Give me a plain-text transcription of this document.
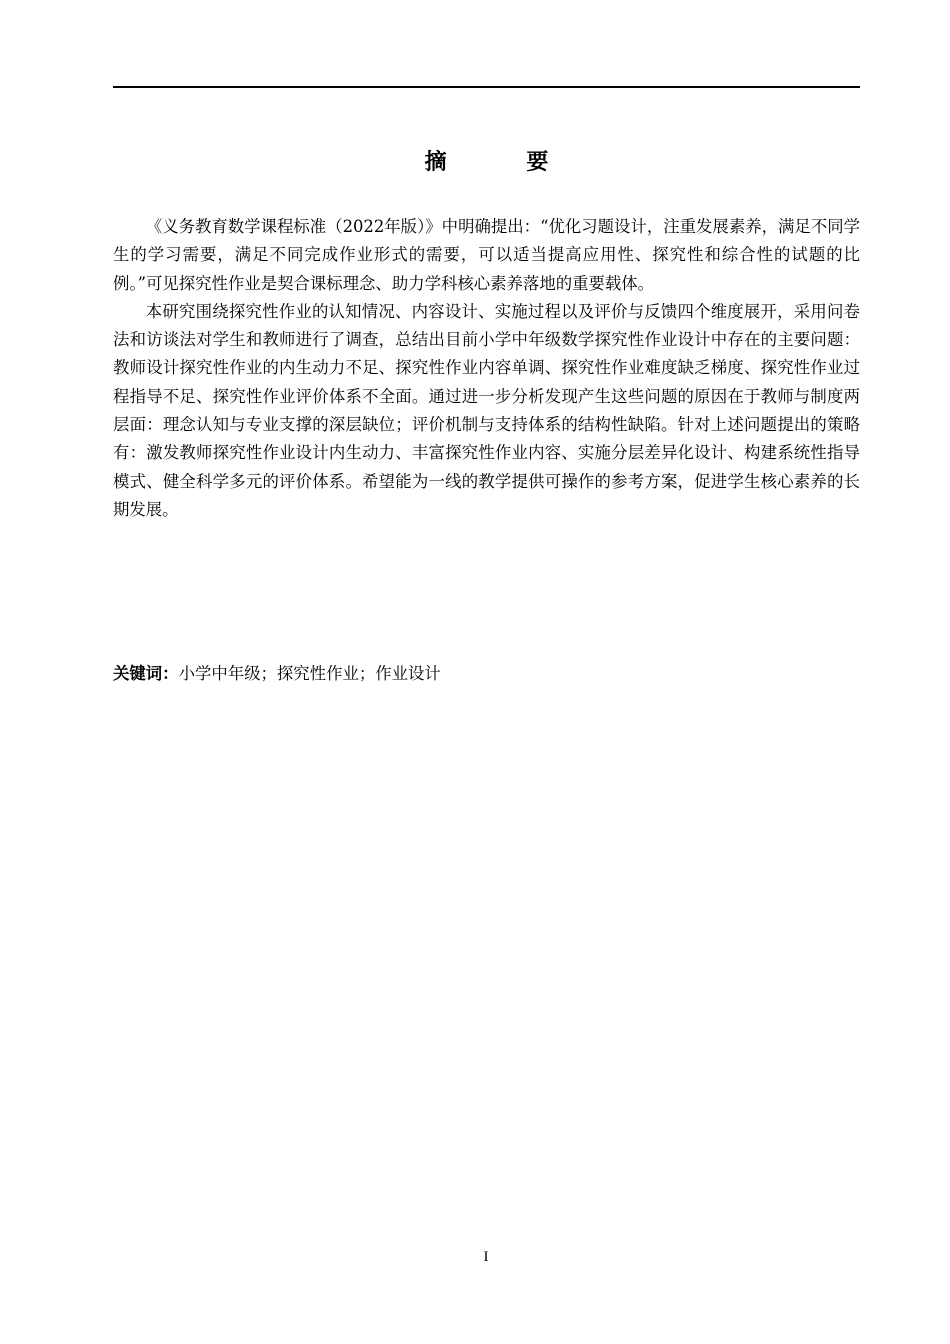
摘 要

《义务教育数学课程标准（2022年版）》中明确提出：“优化习题设计，注重发展素养，满足不同学生的学习需要，满足不同完成作业形式的需要，可以适当提高应用性、探究性和综合性的试题的比例。”可见探究性作业是契合课标理念、助力学科核心素养落地的重要载体。

本研究围绕探究性作业的认知情况、内容设计、实施过程以及评价与反馈四个维度展开，采用问卷法和访谈法对学生和教师进行了调查，总结出目前小学中年级数学探究性作业设计中存在的主要问题：教师设计探究性作业的内生动力不足、探究性作业内容单调、探究性作业难度缺乏梯度、探究性作业过程指导不足、探究性作业评价体系不全面。通过进一步分析发现产生这些问题的原因在于教师与制度两层面：理念认知与专业支撑的深层缺位；评价机制与支持体系的结构性缺陷。针对上述问题提出的策略有：激发教师探究性作业设计内生动力、丰富探究性作业内容、实施分层差异化设计、构建系统性指导模式、健全科学多元的评价体系。希望能为一线的教学提供可操作的参考方案，促进学生核心素养的长期发展。

关键词：小学中年级；探究性作业；作业设计
I
